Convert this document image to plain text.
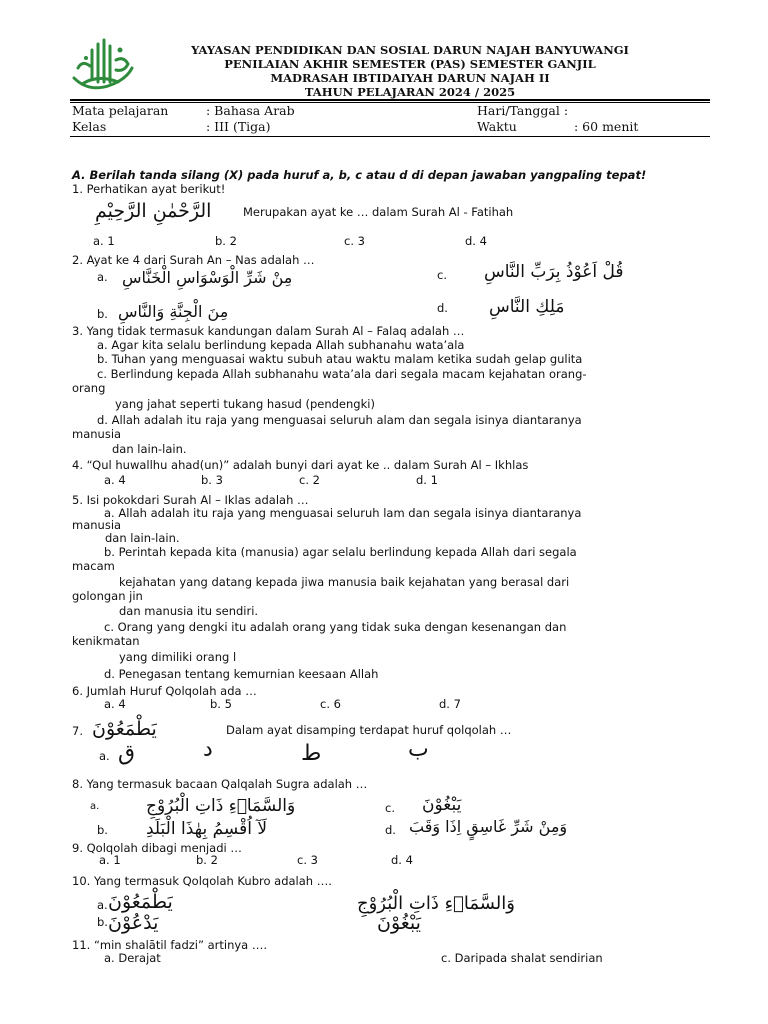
YAYASAN PENDIDIKAN DAN SOSIAL DARUN NAJAH BANYUWANGI
PENILAIAN AKHIR SEMESTER (PAS) SEMESTER GANJIL
MADRASAH IBTIDAIYAH DARUN NAJAH II
TAHUN PELAJARAN 2024 / 2025
Mata pelajaran	: Bahasa Arab	Hari/Tanggal :
Kelas	: III (Tiga)	Waktu	: 60 menit
A. Berilah tanda silang (X) pada huruf a, b, c atau d di depan jawaban yangpaling tepat!
1. Perhatikan ayat berikut!
الرَّحْمٰنِ الرَّحِيْمِ	Merupakan ayat ke … dalam Surah Al - Fatihah
a. 1	b. 2	c. 3	d. 4
2. Ayat ke 4 dari Surah An – Nas adalah …
a. مِنْ شَرِّ الْوَسْوَاسِ الْخَنَّاسِ	c. قُلْ اَعُوْذُ بِرَبِّ النَّاسِ
b. مِنَ الْجِنَّةِ وَالنَّاسِ	d. مَلِكِ النَّاسِ
3. Yang tidak termasuk kandungan dalam Surah Al – Falaq adalah …
a. Agar kita selalu berlindung kepada Allah subhanahu wata’ala
b. Tuhan yang menguasai waktu subuh atau waktu malam ketika sudah gelap gulita
c. Berlindung kepada Allah subhanahu wata’ala dari segala macam kejahatan orang-
orang
yang jahat seperti tukang hasud (pendengki)
d. Allah adalah itu raja yang menguasai seluruh alam dan segala isinya diantaranya
manusia
dan lain-lain.
4. “Qul huwallhu ahad(un)” adalah bunyi dari ayat ke .. dalam Surah Al – Ikhlas
a. 4	b. 3	c. 2	d. 1
5. Isi pokokdari Surah Al – Iklas adalah …
a. Allah adalah itu raja yang menguasai seluruh lam dan segala isinya diantaranya
manusia
dan lain-lain.
b. Perintah kepada kita (manusia) agar selalu berlindung kepada Allah dari segala
macam
kejahatan yang datang kepada jiwa manusia baik kejahatan yang berasal dari
golongan jin
dan manusia itu sendiri.
c. Orang yang dengki itu adalah orang yang tidak suka dengan kesenangan dan
kenikmatan
yang dimiliki orang l
d. Penegasan tentang kemurnian keesaan Allah
6. Jumlah Huruf Qolqolah ada …
a. 4	b. 5	c. 6	d. 7
7. يَطْمَعُوْنَ	Dalam ayat disamping terdapat huruf qolqolah …
a. ق	د	ط	ب
8. Yang termasuk bacaan Qalqalah Sugra adalah …
a.	وَالسَّمَاۤءِ ذَاتِ الْبُرُوْجِ	c. يَبْغُوْنَ
b. لَآ اُقْسِمُ بِهٰذَا الْبَلَدِ	d. وَمِنْ شَرِّ غَاسِقٍ اِذَا وَقَبَ
9. Qolqolah dibagi menjadi …
a. 1	b. 2	c. 3	d. 4
10. Yang termasuk Qolqolah Kubro adalah ….
a. يَطْمَعُوْنَ	وَالسَّمَاۤءِ ذَاتِ الْبُرُوْجِ
b. يَدْعُوْنَ	يَبْغُوْنَ
11. “min shalātil fadzi” artinya ….
a. Derajat	c. Daripada shalat sendirian
